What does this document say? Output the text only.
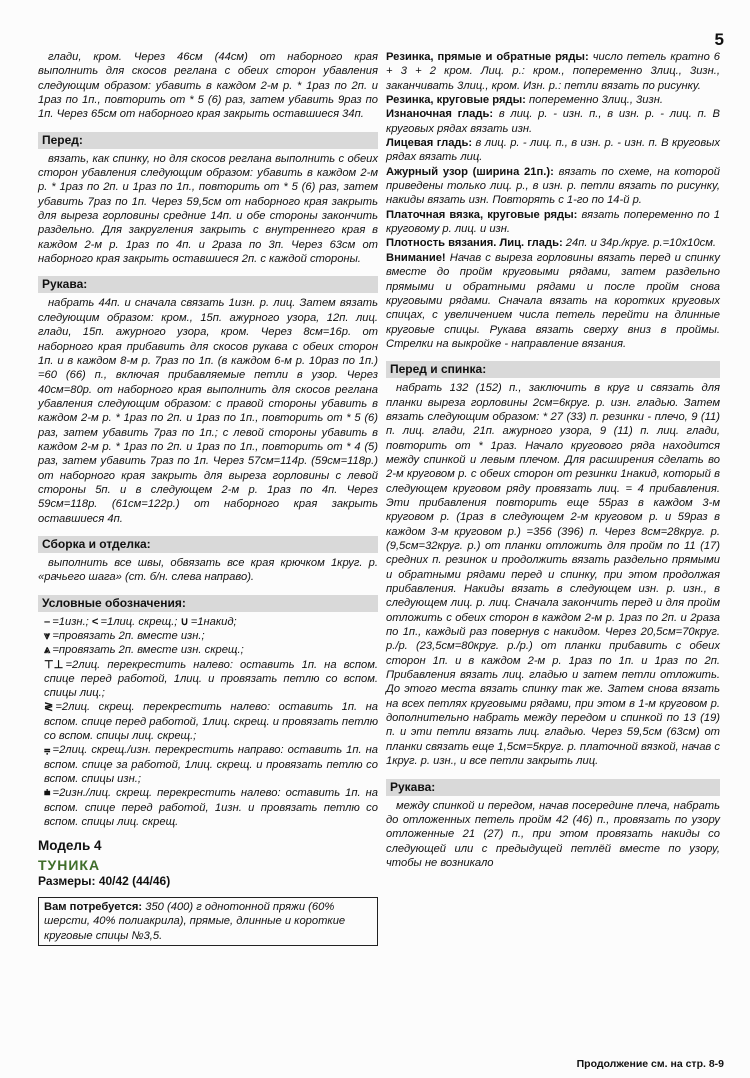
5

глади, кром. Через 46см (44см) от наборного края выполнить для скосов реглана с обеих сторон убавления следующим образом: убавить в каждом 2-м р. * 1раз по 2п. и 1раз по 1п., повторить от * 5 (6) раз, затем убавить 9раз по 1п. Через 65см от наборного края закрыть оставшиеся 34п.

Перед:

вязать, как спинку, но для скосов реглана выполнить с обеих сторон убавления следующим образом: убавить в каждом 2-м р. * 1раз по 2п. и 1раз по 1п., повторить от * 5 (6) раз, затем убавить 7раз по 1п. Через 59,5см от наборного края закрыть для выреза горловины средние 14п. и обе стороны закончить раздельно. Для закругления закрыть с внутреннего края в каждом 2-м р. 1раз по 4п. и 2раза по 3п. Через 63см от наборного края закрыть оставшиеся 2п. с каждой стороны.

Рукава:

набрать 44п. и сначала связать 1изн. р. лиц. Затем вязать следующим образом: кром., 15п. ажурного узора, 12п. лиц. глади, 15п. ажурного узора, кром. Через 8см=16р. от наборного края прибавить для скосов рукава с обеих сторон 1п. и в каждом 8-м р. 7раз по 1п. (в каждом 6-м р. 10раз по 1п.) =60 (66) п., включая прибавляемые петли в узор. Через 40см=80р. от наборного края выполнить для скосов реглана убавления следующим образом: с правой стороны убавить в каждом 2-м р. * 1раз по 2п. и 1раз по 1п., повторить от * 5 (6) раз, затем убавить 7раз по 1п.; с левой стороны убавить в каждом 2-м р. * 1раз по 2п. и 1раз по 1п., повторить от * 4 (5) раз, затем убавить 7раз по 1п. Через 57см=114р. (59см=118р.) от наборного края закрыть для выреза горловины с левой стороны 5п. и в следующем 2-м р. 1раз по 4п. Через 59см=118р. (61см=122р.) от наборного края закрыть оставшиеся 4п.

Сборка и отделка:

выполнить все швы, обвязать все края крючком 1круг. р. «рачьего шага» (ст. б/н. слева направо).

Условные обозначения:

– =1изн.; < =1лиц. скрещ.; ∪ =1накид;

⩔ =провязать 2п. вместе изн.;

⩓ =провязать 2п. вместе изн. скрещ.;

⊤⊥ =2лиц. перекрестить налево: оставить 1п. на вспом. спице перед работой, 1лиц. и провязать петлю со вспом. спицы лиц.;

≷ =2лиц. скрещ. перекрестить налево: оставить 1п. на вспом. спице перед работой, 1лиц. скрещ. и провязать петлю со вспом. спицы лиц. скрещ.;

⩦ =2лиц. скрещ./изн. перекрестить направо: оставить 1п. на вспом. спице за работой, 1лиц. скрещ. и провязать петлю со вспом. спицы изн.;

⩧ =2изн./лиц. скрещ. перекрестить налево: оставить 1п. на вспом. спице перед работой, 1изн. и провязать петлю со вспом. спицы лиц. скрещ.

Модель 4
ТУНИКА
Размеры: 40/42 (44/46)
Вам потребуется: 350 (400) г однотонной пряжи (60% шерсти, 40% полиакрила), прямые, длинные и короткие круговые спицы №3,5.

Резинка, прямые и обратные ряды: число петель кратно 6 + 3 + 2 кром. Лиц. р.: кром., попеременно 3лиц., 3изн., заканчивать 3лиц., кром. Изн. р.: петли вязать по рисунку.

Резинка, круговые ряды: попеременно 3лиц., 3изн.

Изнаночная гладь: в лиц. р. - изн. п., в изн. р. - лиц. п. В круговых рядах вязать изн.

Лицевая гладь: в лиц. р. - лиц. п., в изн. р. - изн. п. В круговых рядах вязать лиц.

Ажурный узор (ширина 21п.): вязать по схеме, на которой приведены только лиц. р., в изн. р. петли вязать по рисунку, накиды вязать изн. Повторять с 1-го по 14-й р.

Платочная вязка, круговые ряды: вязать попеременно по 1 круговому р. лиц. и изн.

Плотность вязания. Лиц. гладь: 24п. и 34р./круг. р.=10x10см.

Внимание! Начав с выреза горловины вязать перед и спинку вместе до пройм круговыми рядами, затем раздельно прямыми и обратными рядами и после пройм снова круговыми рядами. Сначала вязать на коротких круговых спицах, с увеличением числа петель перейти на длинные круговые спицы. Рукава вязать сверху вниз в проймы. Стрелки на выкройке - направление вязания.

Перед и спинка:

набрать 132 (152) п., заключить в круг и связать для планки выреза горловины 2см=6круг. р. изн. гладью. Затем вязать следующим образом: * 27 (33) п. резинки - плечо, 9 (11) п. лиц. глади, 21п. ажурного узора, 9 (11) п. лиц. глади, повторить от * 1раз. Начало кругового ряда находится между спинкой и левым плечом. Для расширения сделать во 2-м круговом р. с обеих сторон от резинки 1накид, который в следующем круговом ряду провязать лиц. = 4 прибавления. Эти прибавления повторить еще 55раз в каждом 3-м круговом р. (1раз в следующем 2-м круговом р. и 59раз в каждом 3-м круговом р.) =356 (396) п. Через 8см=28круг. р. (9,5см=32круг. р.) от планки отложить для пройм по 11 (17) средних п. резинок и продолжить вязать раздельно прямыми и обратными рядами перед и спинку, при этом продолжая прибавления. Накиды вязать в следующем изн. р. изн., в следующем лиц. р. лиц. Сначала закончить перед и для пройм отложить с обеих сторон в каждом 2-м р. 1раз по 2п. и 2раза по 1п., каждый раз повернув с накидом. Через 20,5см=70круг. р./р. (23,5см=80круг. р./р.) от планки прибавить с обеих сторон 1п. и в каждом 2-м р. 1раз по 1п. и 1раз по 2п. Прибавления вязать лиц. гладью и затем петли отложить. До этого места вязать спинку так же. Затем снова вязать на всех петлях круговыми рядами, при этом в 1-м круговом р. дополнительно набрать между передом и спинкой по 13 (19) п. и эти петли вязать лиц. гладью. Через 59,5см (63см) от планки связать еще 1,5см=5круг. р. платочной вязкой, начав с 1круг. р. изн., и все петли закрыть лиц.

Рукава:

между спинкой и передом, начав посередине плеча, набрать до отложенных петель пройм 42 (46) п., провязать по узору отложенные 21 (27) п., при этом провязать накиды со следующей или с предыдущей петлёй вместе по узору, чтобы не возникало

Продолжение см. на стр. 8-9
